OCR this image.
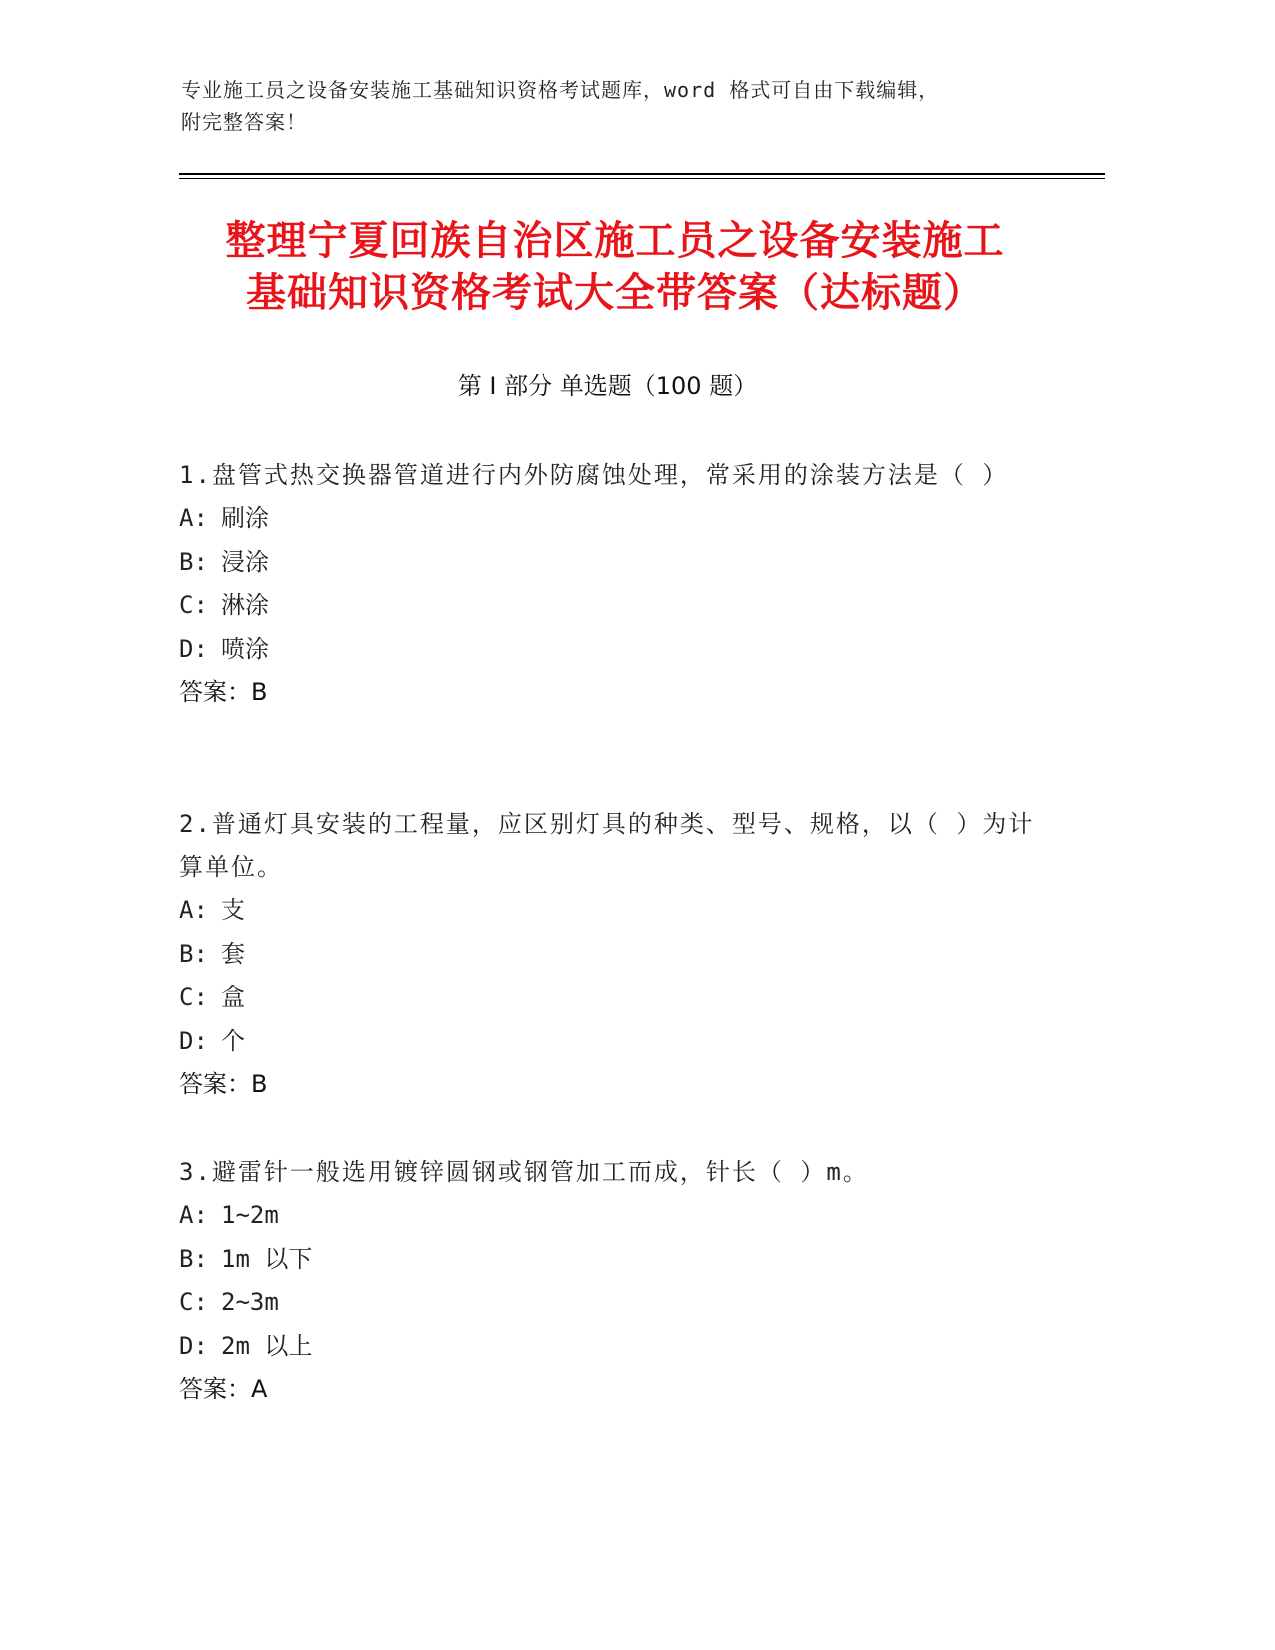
专业施工员之设备安装施工基础知识资格考试题库，word 格式可自由下载编辑，
附完整答案！
整理宁夏回族自治区施工员之设备安装施工
基础知识资格考试大全带答案（达标题）
第 I 部分 单选题（100 题）
1.盘管式热交换器管道进行内外防腐蚀处理，常采用的涂装方法是（ ）
A: 刷涂
B: 浸涂
C: 淋涂
D: 喷涂
答案：B
2.普通灯具安装的工程量，应区别灯具的种类、型号、规格，以（ ）为计算单位。
A: 支
B: 套
C: 盒
D: 个
答案：B
3.避雷针一般选用镀锌圆钢或钢管加工而成，针长（ ）m。
A: 1~2m
B: 1m 以下
C: 2~3m
D: 2m 以上
答案：A
